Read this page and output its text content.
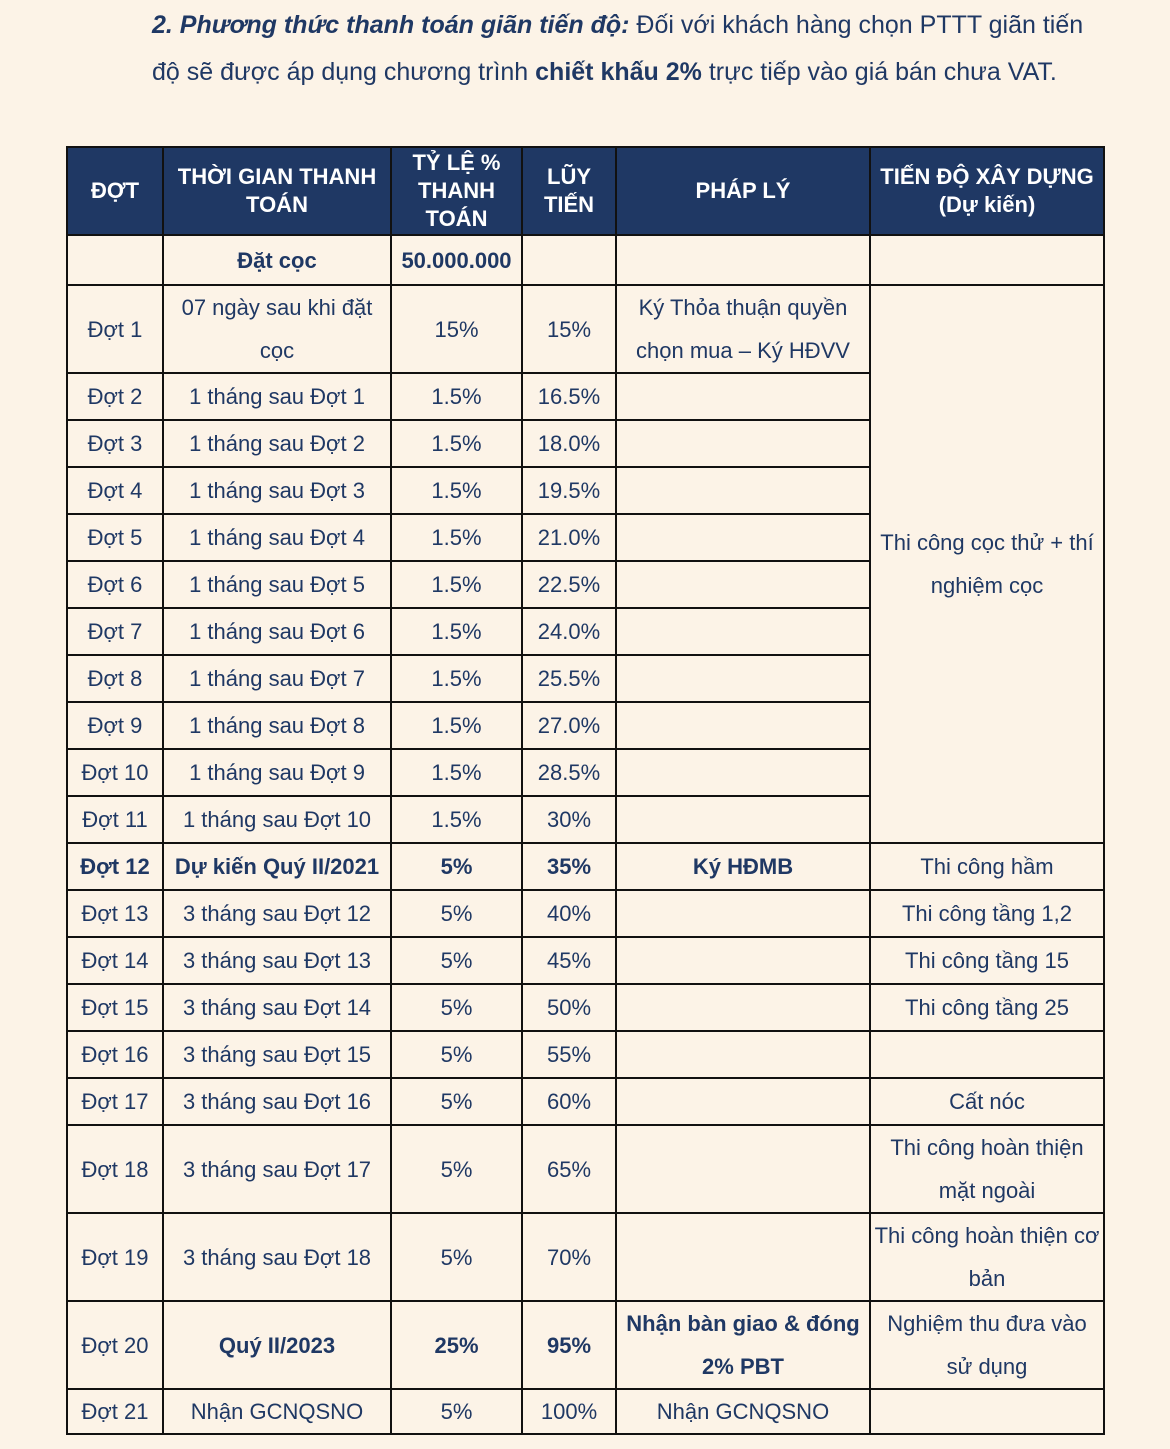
2. Phương thức thanh toán giãn tiến độ: Đối với khách hàng chọn PTTT giãn tiến độ sẽ được áp dụng chương trình chiết khấu 2% trực tiếp vào giá bán chưa VAT.
ĐỢT	THỜI GIAN THANH TOÁN	TỶ LỆ % THANH TOÁN	LŨY TIẾN	PHÁP LÝ	TIẾN ĐỘ XÂY DỰNG
(Dự kiến)
	Đặt cọc	50.000.000			
Đợt 1	07 ngày sau khi đặt cọc	15%	15%	Ký Thỏa thuận quyền chọn mua – Ký HĐVV	Thi công cọc thử + thí nghiệm cọc
Đợt 2	1 tháng sau Đợt 1	1.5%	16.5%		
Đợt 3	1 tháng sau Đợt 2	1.5%	18.0%		
Đợt 4	1 tháng sau Đợt 3	1.5%	19.5%		
Đợt 5	1 tháng sau Đợt 4	1.5%	21.0%		
Đợt 6	1 tháng sau Đợt 5	1.5%	22.5%		
Đợt 7	1 tháng sau Đợt 6	1.5%	24.0%		
Đợt 8	1 tháng sau Đợt 7	1.5%	25.5%		
Đợt 9	1 tháng sau Đợt 8	1.5%	27.0%		
Đợt 10	1 tháng sau Đợt 9	1.5%	28.5%		
Đợt 11	1 tháng sau Đợt 10	1.5%	30%		
Đợt 12	Dự kiến Quý II/2021	5%	35%	Ký HĐMB	Thi công hầm
Đợt 13	3 tháng sau Đợt 12	5%	40%		Thi công tầng 1,2
Đợt 14	3 tháng sau Đợt 13	5%	45%		Thi công tầng 15
Đợt 15	3 tháng sau Đợt 14	5%	50%		Thi công tầng 25
Đợt 16	3 tháng sau Đợt 15	5%	55%		
Đợt 17	3 tháng sau Đợt 16	5%	60%		Cất nóc
Đợt 18	3 tháng sau Đợt 17	5%	65%		Thi công hoàn thiện mặt ngoài
Đợt 19	3 tháng sau Đợt 18	5%	70%		Thi công hoàn thiện cơ bản
Đợt 20	Quý II/2023	25%	95%	Nhận bàn giao & đóng 2% PBT	Nghiệm thu đưa vào sử dụng
Đợt 21	Nhận GCNQSNO	5%	100%	Nhận GCNQSNO	
